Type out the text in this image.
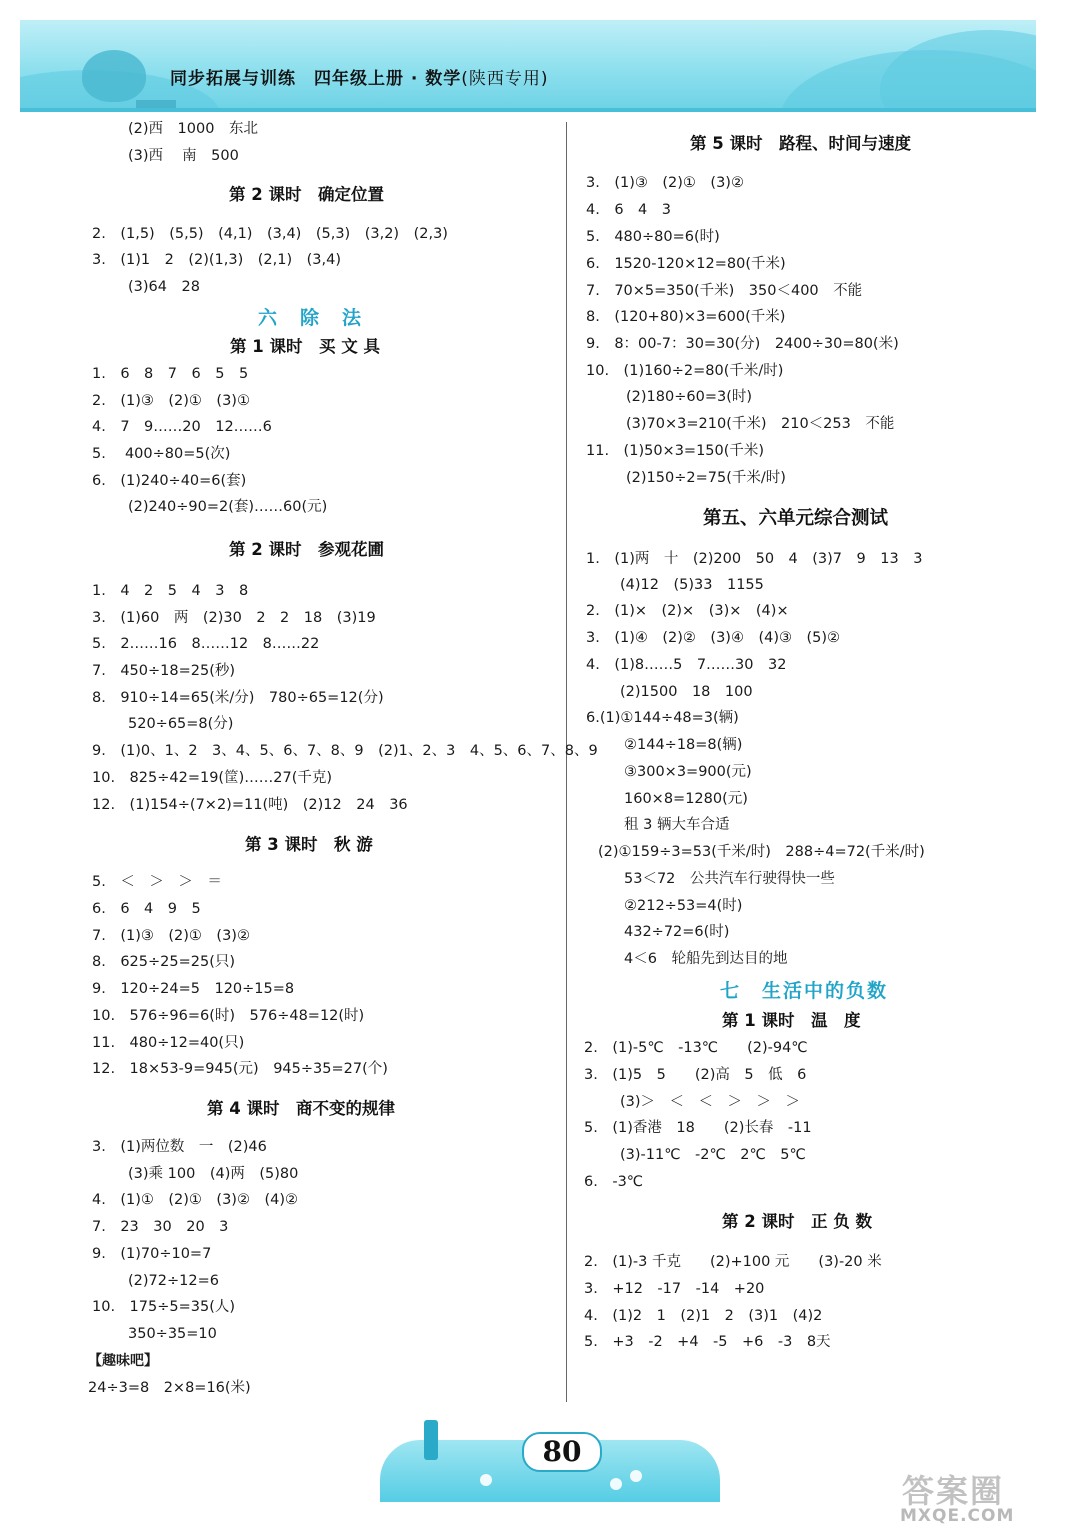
同步拓展与训练　四年级上册 · 数学(陕西专用)
(2)西　1000　东北
(3)西　 南　500
第 2 课时　确定位置
2.　(1,5)　(5,5)　(4,1)　(3,4)　(5,3)　(3,2)　(2,3)
3.　(1)1　2　(2)(1,3)　(2,1)　(3,4)
(3)64　28
六　除　法
第 1 课时　买 文 具
1.　6　8　7　6　5　5
2.　(1)③　(2)①　(3)①
4.　7　9……20　12……6
5.　 400÷80=5(次)
6.　(1)240÷40=6(套)
(2)240÷90=2(套)……60(元)
第 2 课时　参观花圃
1.　4　2　5　4　3　8
3.　(1)60　两　(2)30　2　2　18　(3)19
5.　2……16　8……12　8……22
7.　450÷18=25(秒)
8.　910÷14=65(米/分)　780÷65=12(分)
520÷65=8(分)
9.　(1)0、1、2　3、4、5、6、7、8、9　(2)1、2、3　4、5、6、7、8、9
10.　825÷42=19(筐)……27(千克)
12.　(1)154÷(7×2)=11(吨)　(2)12　24　36
第 3 课时　秋 游
5.　＜　＞　＞　＝
6.　6　4　9　5
7.　(1)③　(2)①　(3)②
8.　625÷25=25(只)
9.　120÷24=5　120÷15=8
10.　576÷96=6(时)　576÷48=12(时)
11.　480÷12=40(只)
12.　18×53-9=945(元)　945÷35=27(个)
第 4 课时　商不变的规律
3.　(1)两位数　一　(2)46
(3)乘 100　(4)两　(5)80
4.　(1)①　(2)①　(3)②　(4)②
7.　23　30　20　3
9.　(1)70÷10=7
(2)72÷12=6
10.　175÷5=35(人)
350÷35=10
【趣味吧】
24÷3=8　2×8=16(米)
第 5 课时　路程、时间与速度
3.　(1)③　(2)①　(3)②
4.　6　4　3
5.　480÷80=6(时)
6.　1520-120×12=80(千米)
7.　70×5=350(千米)　350＜400　不能
8.　(120+80)×3=600(千米)
9.　8：00-7：30=30(分)　2400÷30=80(米)
10.　(1)160÷2=80(千米/时)
(2)180÷60=3(时)
(3)70×3=210(千米)　210＜253　不能
11.　(1)50×3=150(千米)
(2)150÷2=75(千米/时)
第五、六单元综合测试
1.　(1)两　十　(2)200　50　4　(3)7　9　13　3
(4)12　(5)33　1155
2.　(1)×　(2)×　(3)×　(4)×
3.　(1)④　(2)②　(3)④　(4)③　(5)②
4.　(1)8……5　7……30　32
(2)1500　18　100
6.(1)①144÷48=3(辆)
②144÷18=8(辆)
③300×3=900(元)
160×8=1280(元)
租 3 辆大车合适
(2)①159÷3=53(千米/时)　288÷4=72(千米/时)
53＜72　公共汽车行驶得快一些
②212÷53=4(时)
432÷72=6(时)
4＜6　轮船先到达目的地
七　生活中的负数
第 1 课时　温　度
2.　(1)-5℃　-13℃　　(2)-94℃
3.　(1)5　5　　(2)高　5　低　6
(3)＞　＜　＜　＞　＞　＞
5.　(1)香港　18　　(2)长春　-11
(3)-11℃　-2℃　2℃　5℃
6.　-3℃
第 2 课时　正 负 数
2.　(1)-3 千克　　(2)+100 元　　(3)-20 米
3.　+12　-17　-14　+20
4.　(1)2　1　(2)1　2　(3)1　(4)2
5.　+3　-2　+4　-5　+6　-3　8天
80
答案圈
MXQE.COM
